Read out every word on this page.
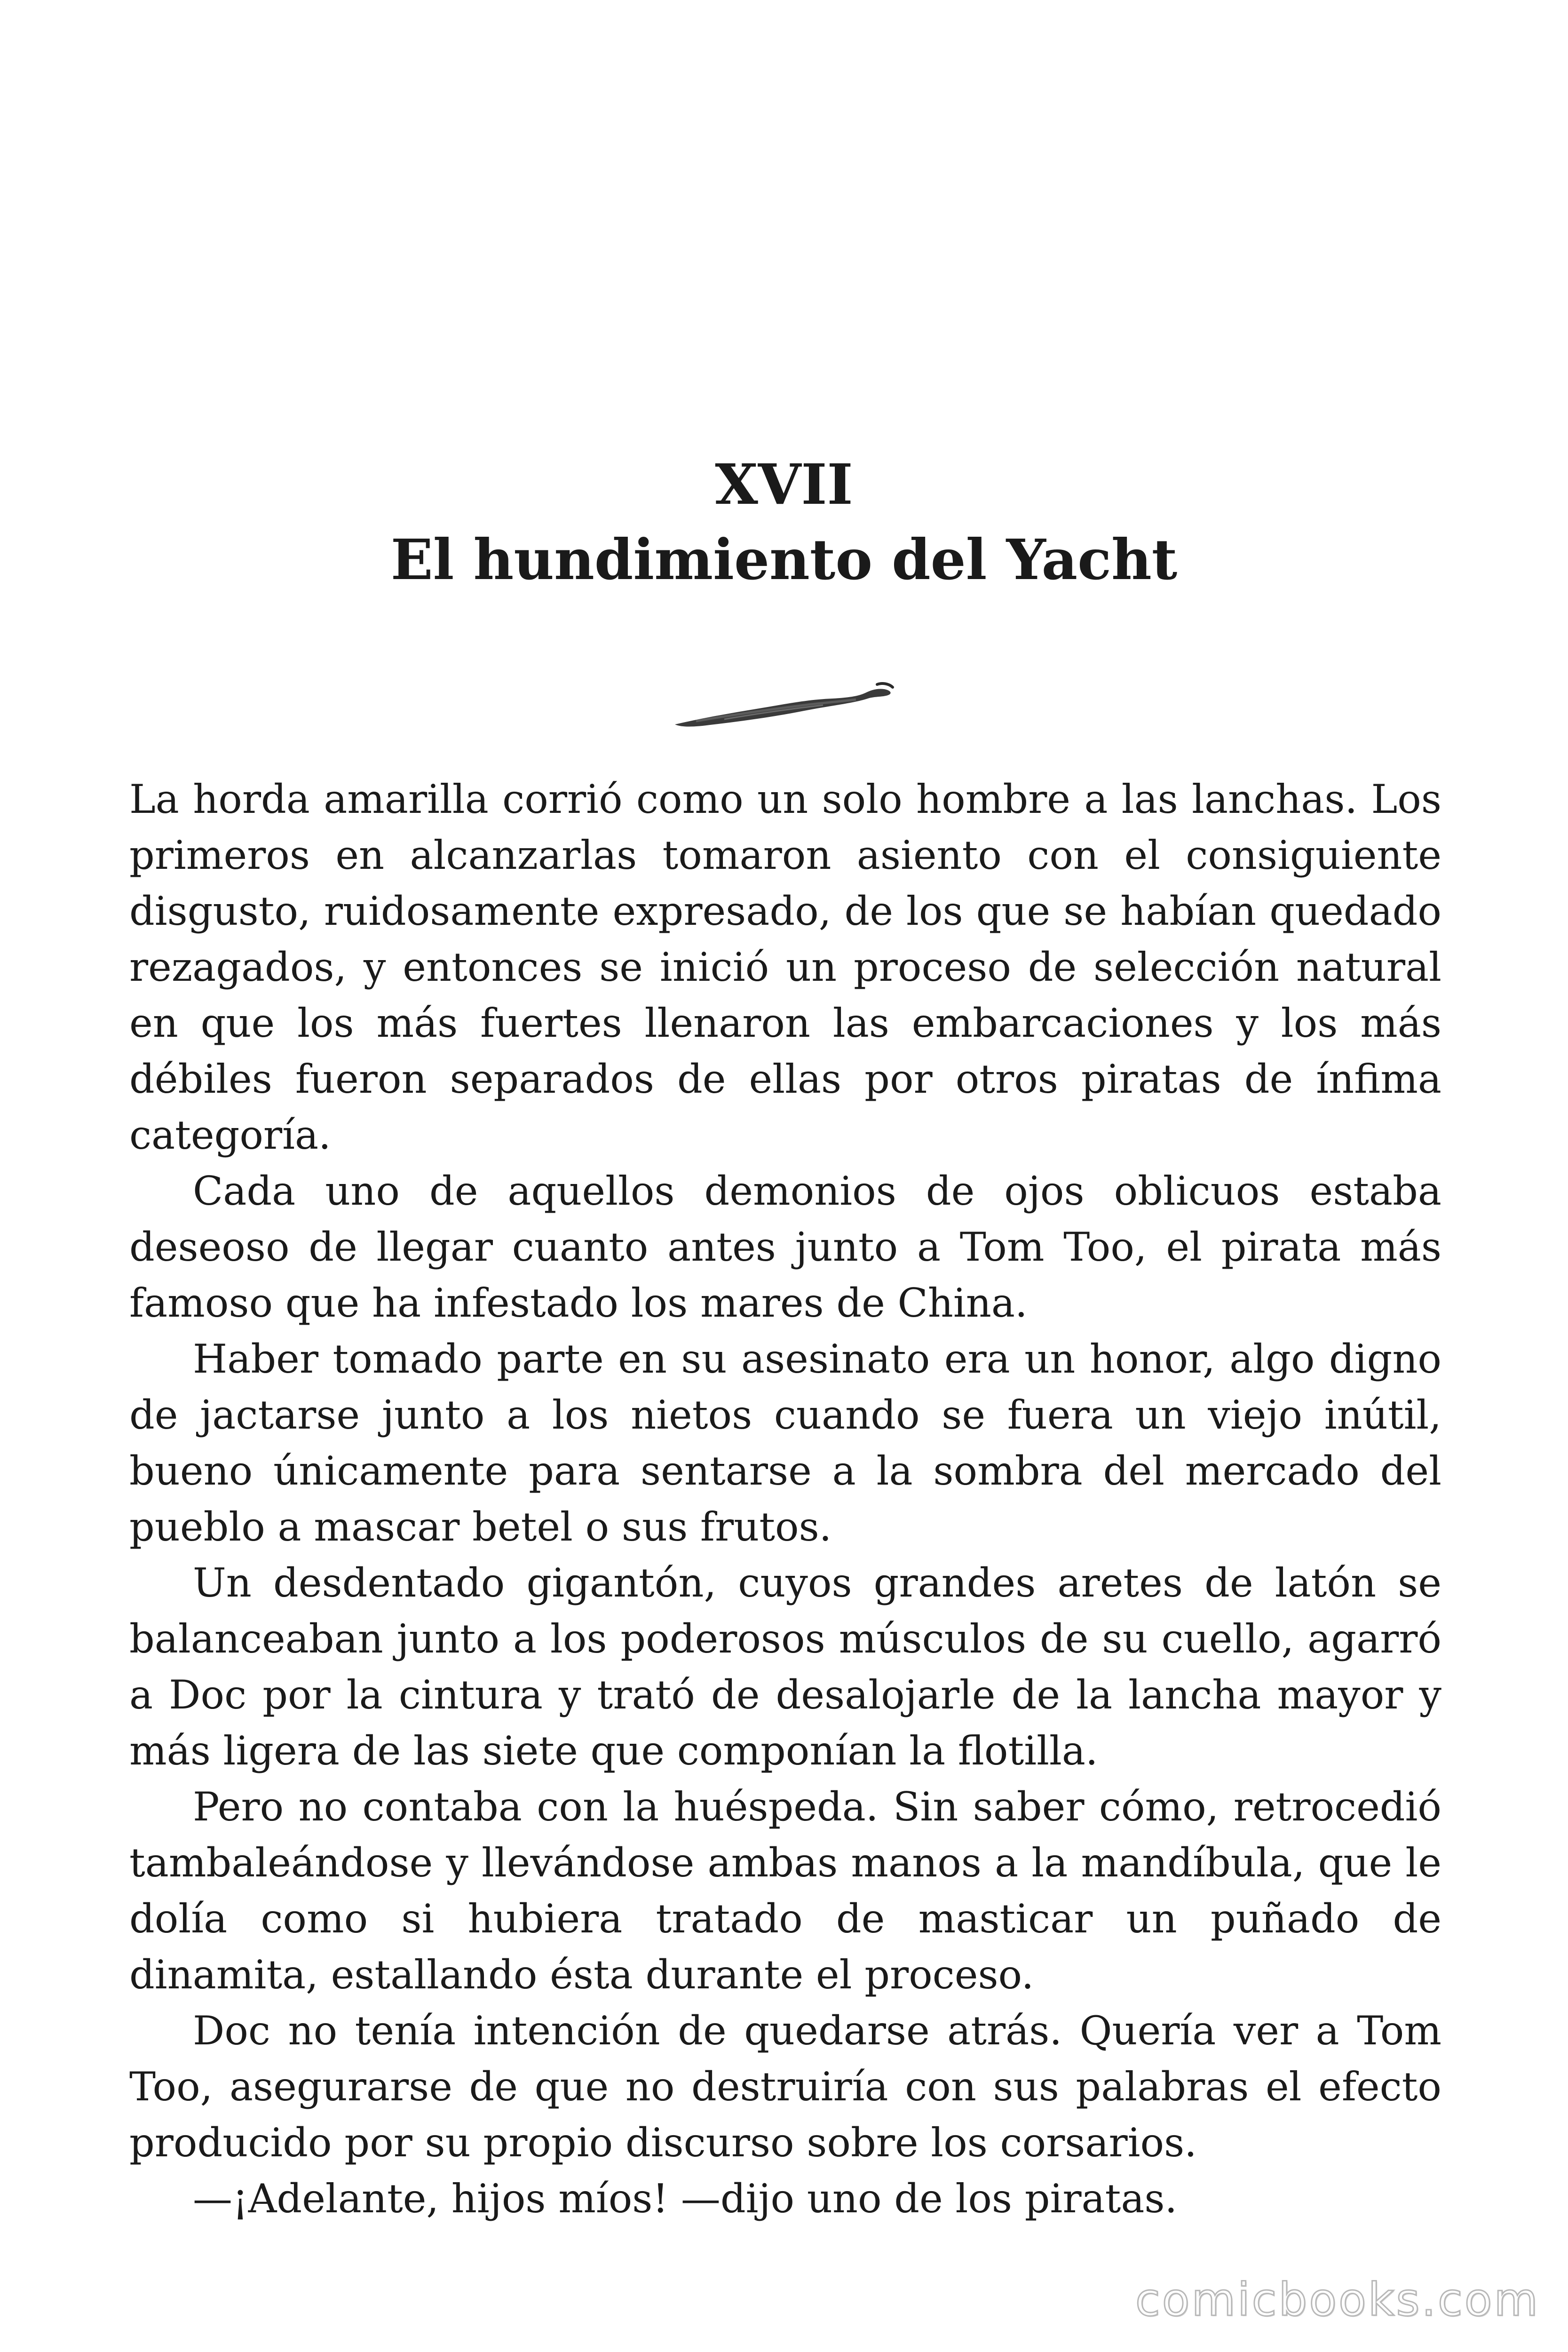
XVII
El hundimiento del Yacht

La horda amarilla corrió como un solo hombre a las lanchas. Los primeros en alcanzarlas tomaron asiento con el consiguiente disgusto, ruidosamente expresado, de los que se habían quedado rezagados, y entonces se inició un proceso de selección natural en que los más fuertes llenaron las embarcaciones y los más débiles fueron separados de ellas por otros piratas de ínfima categoría.

Cada uno de aquellos demonios de ojos oblicuos estaba deseoso de llegar cuanto antes junto a Tom Too, el pirata más famoso que ha infestado los mares de China.

Haber tomado parte en su asesinato era un honor, algo digno de jactarse junto a los nietos cuando se fuera un viejo inútil, bueno únicamente para sentarse a la sombra del mercado del pueblo a mascar betel o sus frutos.

Un desdentado gigantón, cuyos grandes aretes de latón se balanceaban junto a los poderosos músculos de su cuello, agarró a Doc por la cintura y trató de desalojarle de la lancha mayor y más ligera de las siete que componían la flotilla.

Pero no contaba con la huéspeda. Sin saber cómo, retrocedió tambaleándose y llevándose ambas manos a la mandíbula, que le dolía como si hubiera tratado de masticar un puñado de dinamita, estallando ésta durante el proceso.

Doc no tenía intención de quedarse atrás. Quería ver a Tom Too, asegurarse de que no destruiría con sus palabras el efecto producido por su propio discurso sobre los corsarios.

—¡Adelante, hijos míos! —dijo uno de los piratas.

comicbooks.com
